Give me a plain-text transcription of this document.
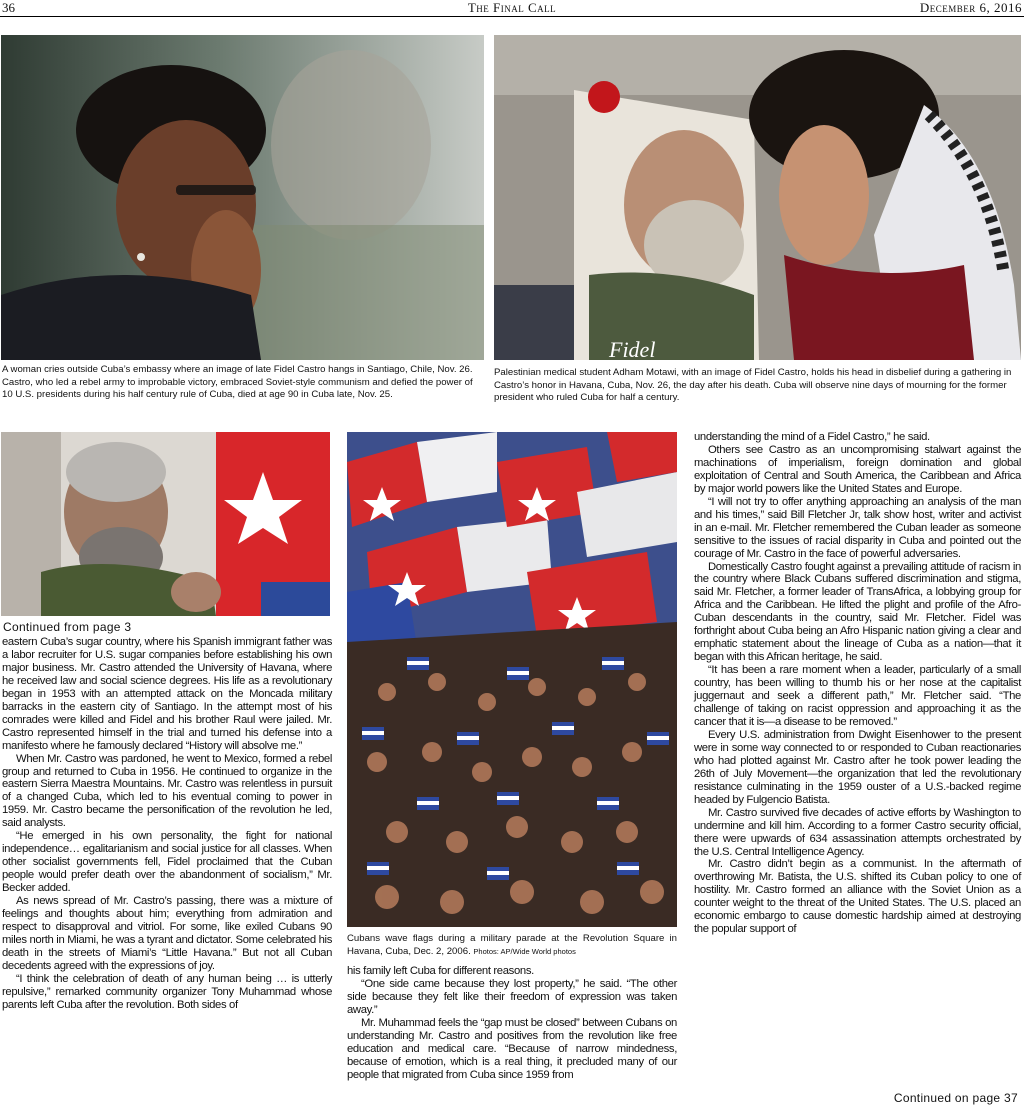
36	The Final Call	December 6, 2016
A woman cries outside Cuba’s embassy where an image of late Fidel Castro hangs in Santiago, Chile, Nov. 26. Castro, who led a rebel army to improbable victory, embraced Soviet-style communism and defied the power of 10 U.S. presidents during his half century rule of Cuba, died at age 90 in Cuba late, Nov. 25.
Fidel
Palestinian medical student Adham Motawi, with an image of Fidel Castro, holds his head in disbelief during a gathering in Castro’s honor in Havana, Cuba, Nov. 26, the day after his death. Cuba will observe nine days of mourning for the former president who ruled Cuba for half a century.
Continued from page 3
Cubans wave flags during a military parade at the Revolution Square in Havana, Cuba, Dec. 2, 2006. Photos: AP/Wide World photos

eastern Cuba’s sugar country, where his Spanish immigrant father was a labor recruiter for U.S. sugar companies before establishing his own major business. Mr. Castro attended the University of Havana, where he received law and social science degrees. His life as a revolutionary began in 1953 with an attempted attack on the Moncada military barracks in the eastern city of Santiago. In the attempt most of his comrades were killed and Fidel and his brother Raul were jailed. Mr. Castro represented himself in the trial and turned his defense into a manifesto where he famously declared “History will absolve me.”

When Mr. Castro was pardoned, he went to Mexico, formed a rebel group and returned to Cuba in 1956. He continued to organize in the eastern Sierra Maestra Mountains. Mr. Castro was relentless in pursuit of a changed Cuba, which led to his eventual coming to power in 1959. Mr. Castro became the personification of the revolution he led, said analysts.

“He emerged in his own personality, the fight for national independence… egalitarianism and social justice for all classes. When other socialist governments fell, Fidel proclaimed that the Cuban people would prefer death over the abandonment of socialism,” Mr. Becker added.

As news spread of Mr. Castro’s passing, there was a mixture of feelings and thoughts about him; everything from admiration and respect to disapproval and vitriol. For some, like exiled Cubans 90 miles north in Miami, he was a tyrant and dictator. Some celebrated his death in the streets of Miami’s “Little Havana.” But not all Cuban decedents agreed with the expressions of joy.

“I think the celebration of death of any human being … is utterly repulsive,” remarked community organizer Tony Muhammad whose parents left Cuba after the revolution. Both sides of

his family left Cuba for different reasons.

“One side came because they lost property,” he said. “The other side because they felt like their freedom of expression was taken away.”

Mr. Muhammad feels the “gap must be closed” between Cubans on understanding Mr. Castro and positives from the revolution like free education and medical care. “Because of narrow mindedness, because of emotion, which is a real thing, it precluded many of our people that migrated from Cuba since 1959 from

understanding the mind of a Fidel Castro,” he said.

Others see Castro as an uncompromising stalwart against the machinations of imperialism, foreign domination and global exploitation of Central and South America, the Caribbean and Africa by major world powers like the United States and Europe.

“I will not try to offer anything approaching an analysis of the man and his times,” said Bill Fletcher Jr, talk show host, writer and activist in an e-mail. Mr. Fletcher remembered the Cuban leader as someone sensitive to the issues of racial disparity in Cuba and pointed out the courage of Mr. Castro in the face of powerful adversaries.

Domestically Castro fought against a prevailing attitude of racism in the country where Black Cubans suffered discrimination and stigma, said Mr. Fletcher, a former leader of TransAfrica, a lobbying group for Africa and the Caribbean. He lifted the plight and profile of the Afro-Cuban descendants in the country, said Mr. Fletcher. Fidel was forthright about Cuba being an Afro Hispanic nation giving a clear and emphatic statement about the lineage of Cuba as a nation—that it began with this African heritage, he said.

“It has been a rare moment when a leader, particularly of a small country, has been willing to thumb his or her nose at the capitalist juggernaut and seek a different path,” Mr. Fletcher said. “The challenge of taking on racist oppression and approaching it as the cancer that it is—a disease to be removed.”

Every U.S. administration from Dwight Eisenhower to the present were in some way connected to or responded to Cuban reactionaries who had plotted against Mr. Castro after he took power leading the 26th of July Movement—the organization that led the revolutionary resistance culminating in the 1959 ouster of a U.S.-backed regime headed by Fulgencio Batista.

Mr. Castro survived five decades of active efforts by Washington to undermine and kill him. According to a former Castro security official, there were upwards of 634 assassination attempts orchestrated by the U.S. Central Intelligence Agency.

Mr. Castro didn’t begin as a communist. In the aftermath of overthrowing Mr. Batista, the U.S. shifted its Cuban policy to one of hostility. Mr. Castro formed an alliance with the Soviet Union as a counter weight to the threat of the United States. The U.S. placed an economic embargo to cause domestic hardship aimed at destroying the popular support of

Continued on page 37
